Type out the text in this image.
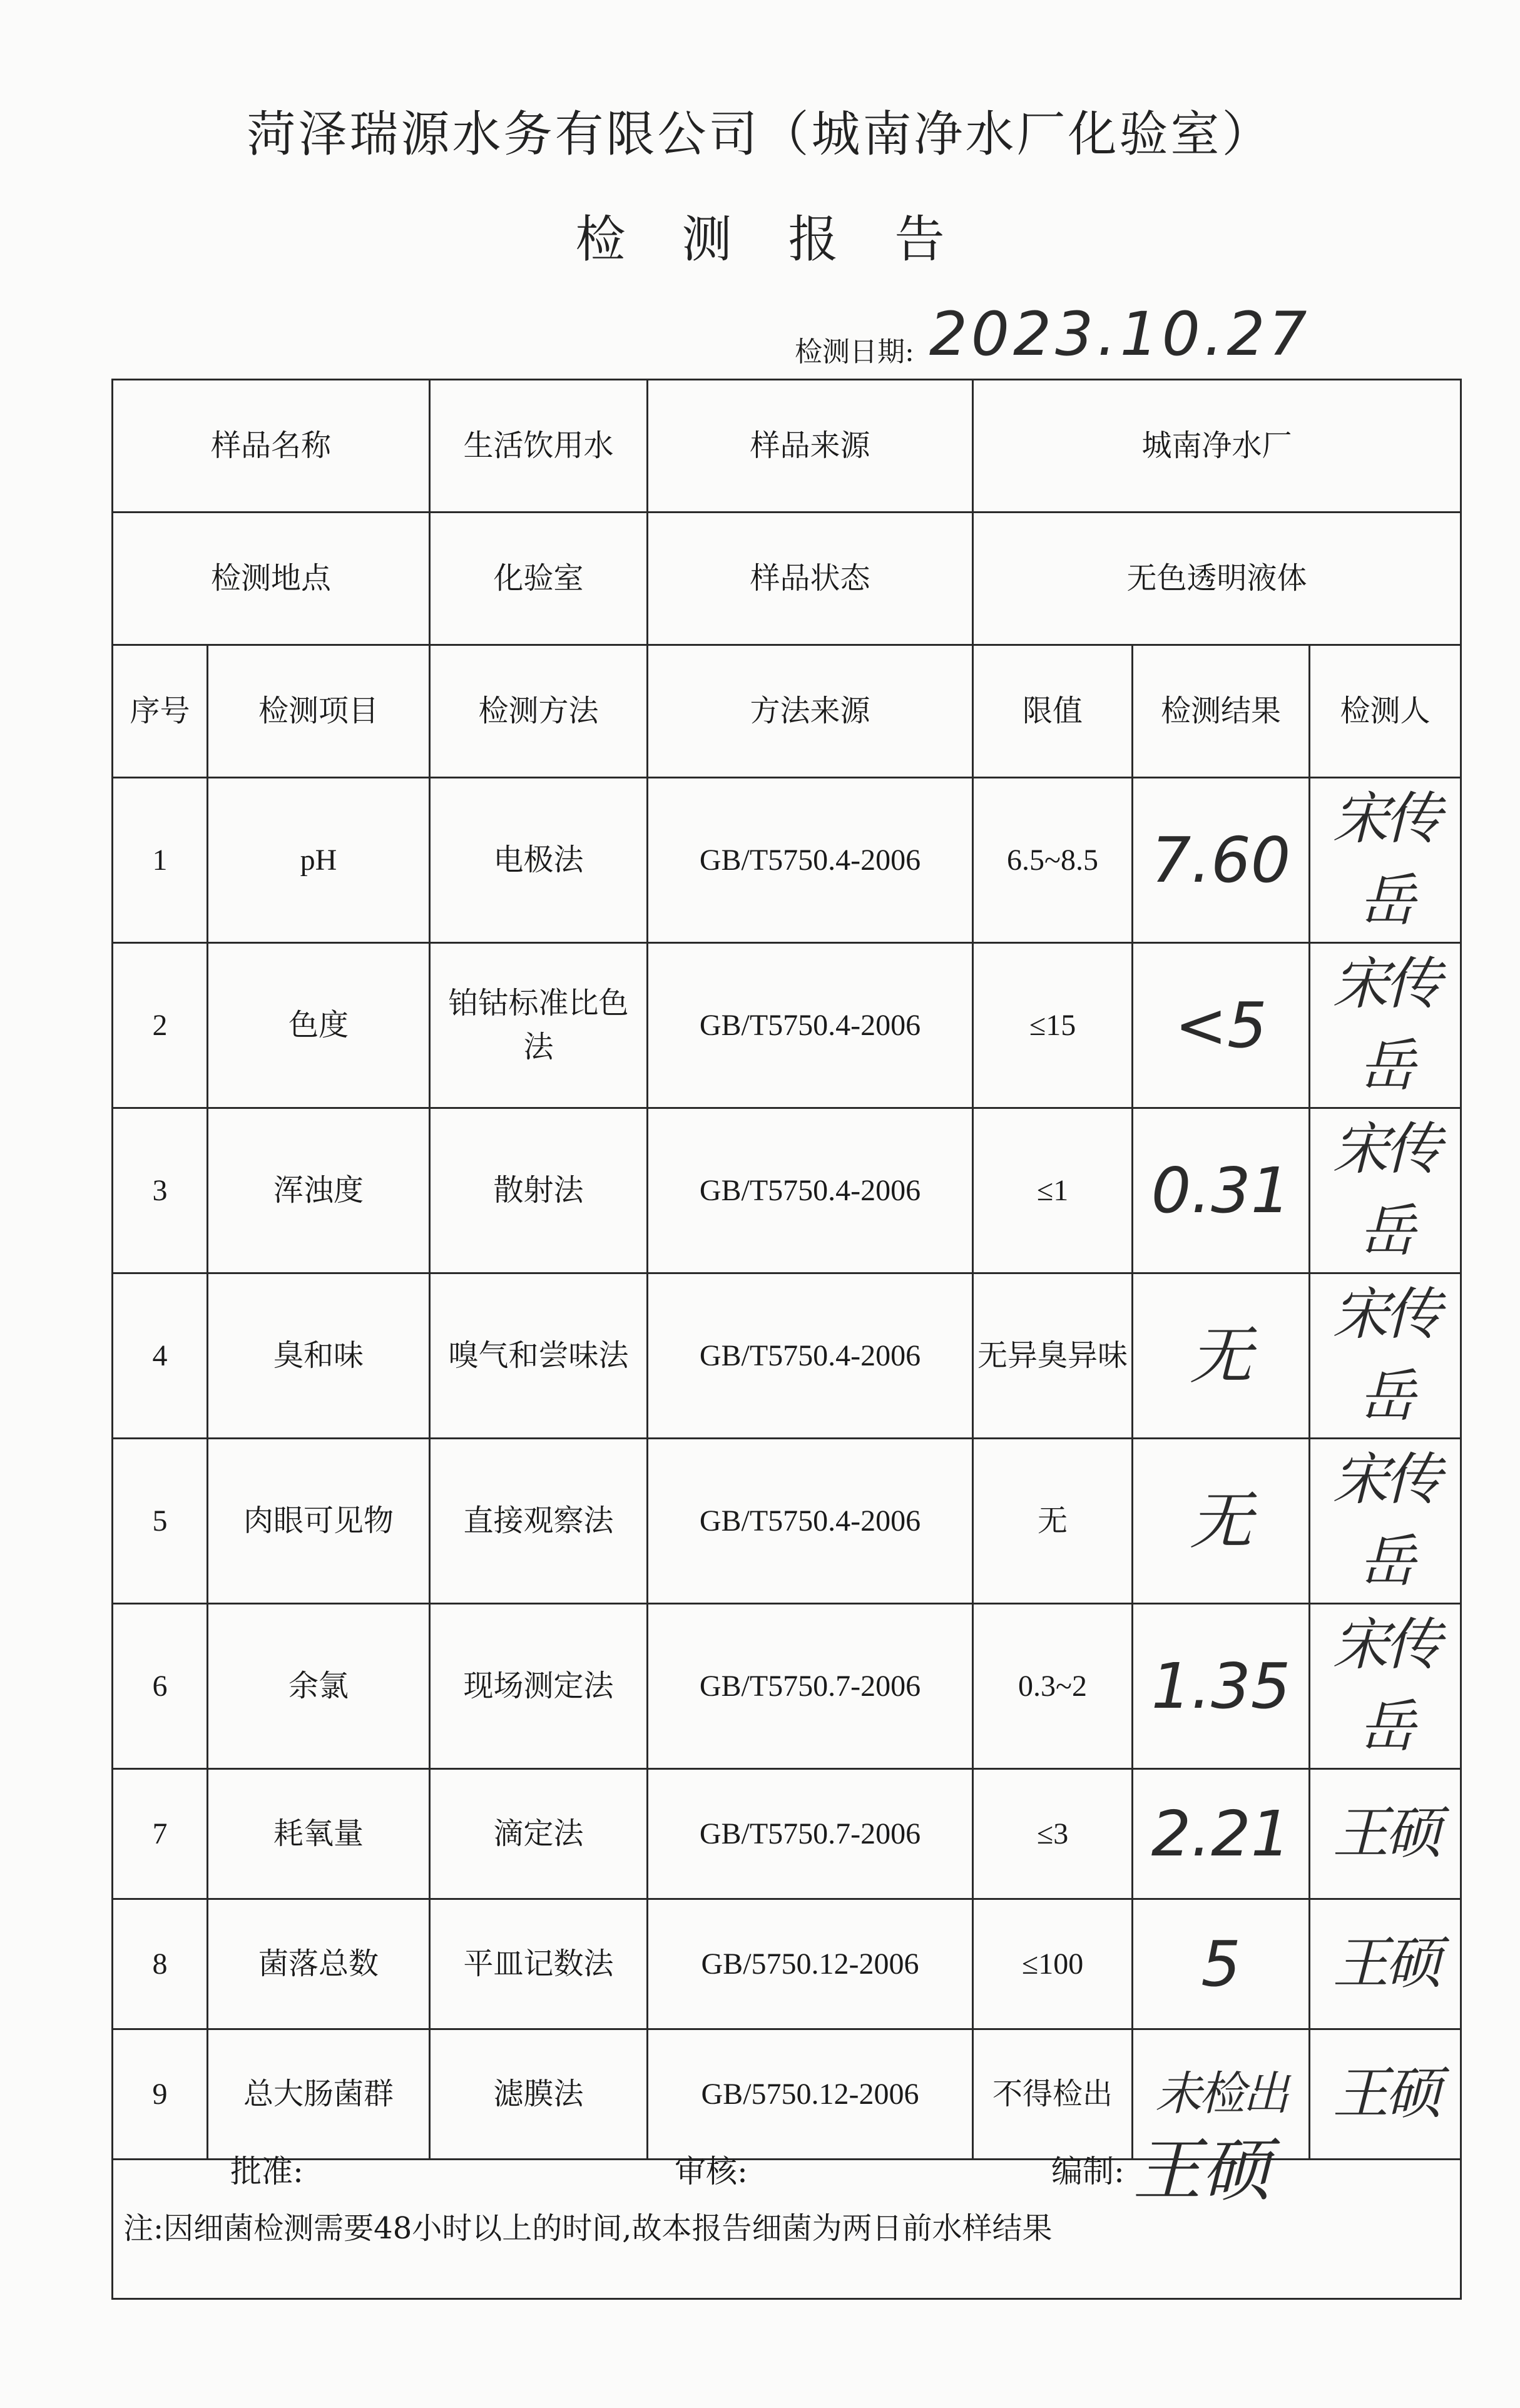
菏泽瑞源水务有限公司（城南净水厂化验室）
检测报告
检测日期: 2023.10.27
样品名称		生活饮用水	样品来源	城南净水厂		
检测地点		化验室	样品状态	无色透明液体		
序号	检测项目	检测方法	方法来源	限值	检测结果	检测人
1	pH	电极法	GB/T5750.4-2006	6.5~8.5	7.60	宋传岳
2	色度	铂钴标准比色法	GB/T5750.4-2006	≤15	<5	宋传岳
3	浑浊度	散射法	GB/T5750.4-2006	≤1	0.31	宋传岳
4	臭和味	嗅气和尝味法	GB/T5750.4-2006	无异臭异味	无	宋传岳
5	肉眼可见物	直接观察法	GB/T5750.4-2006	无	无	宋传岳
6	余氯	现场测定法	GB/T5750.7-2006	0.3~2	1.35	宋传岳
7	耗氧量	滴定法	GB/T5750.7-2006	≤3	2.21	王硕
8	菌落总数	平皿记数法	GB/5750.12-2006	≤100	5	王硕
9	总大肠菌群	滤膜法	GB/5750.12-2006	不得检出	未检出	王硕
注:因细菌检测需要48小时以上的时间,故本报告细菌为两日前水样结果						
批准:	审核:	编制: 王硕
